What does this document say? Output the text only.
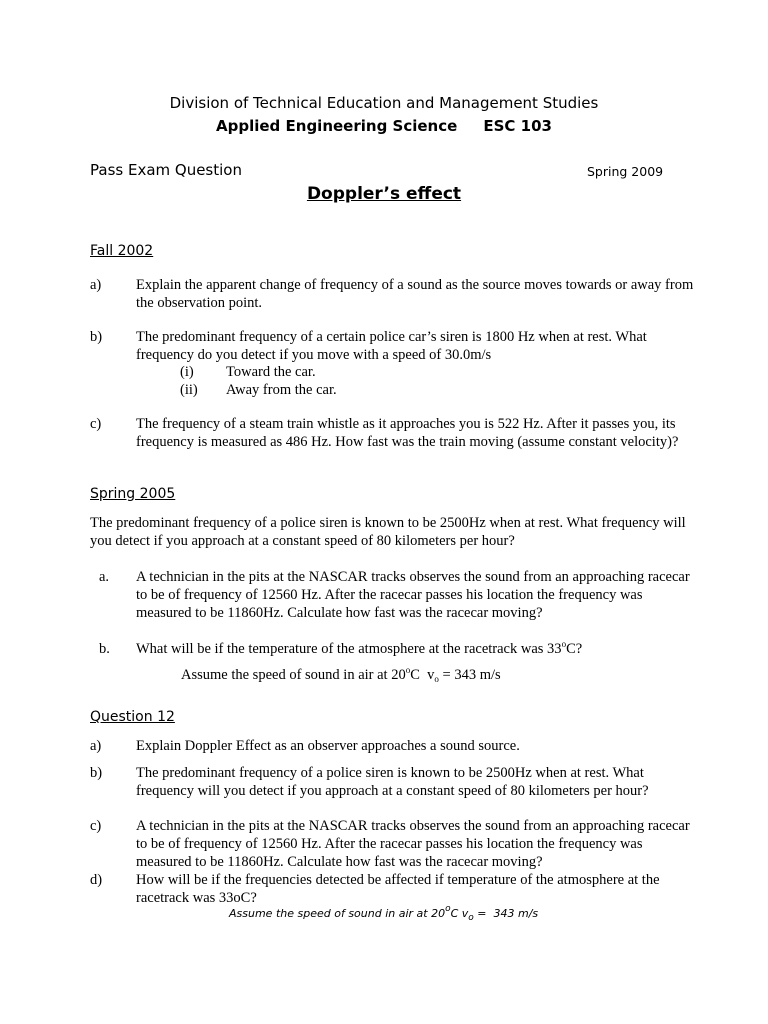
Division of Technical Education and Management Studies
Applied Engineering Science     ESC 103
Pass Exam Question	Spring 2009
Doppler’s effect
Fall 2002
a) Explain the apparent change of frequency of a sound as the source moves towards or away from the observation point.
b) The predominant frequency of a certain police car’s siren is 1800 Hz when at rest. What frequency do you detect if you move with a speed of 30.0m/s
(i) Toward the car.
(ii) Away from the car.
c) The frequency of a steam train whistle as it approaches you is 522 Hz. After it passes you, its frequency is measured as 486 Hz. How fast was the train moving (assume constant velocity)?
Spring 2005
The predominant frequency of a police siren is known to be 2500Hz when at rest. What frequency will you detect if you approach at a constant speed of 80 kilometers per hour?
a. A technician in the pits at the NASCAR tracks observes the sound from an approaching racecar to be of frequency of 12560 Hz. After the racecar passes his location the frequency was measured to be 11860Hz. Calculate how fast was the racecar moving?
b. What will be if the temperature of the atmosphere at the racetrack was 33$^o$C?
Assume the speed of sound in air at 20$^o$C  $v_o = 343$ m/s
Question 12
a) Explain Doppler Effect as an observer approaches a sound source.
b) The predominant frequency of a police siren is known to be 2500Hz when at rest. What frequency will you detect if you approach at a constant speed of 80 kilometers per hour?
c) A technician in the pits at the NASCAR tracks observes the sound from an approaching racecar to be of frequency of 12560 Hz. After the racecar passes his location the frequency was measured to be 11860Hz. Calculate how fast was the racecar moving?
d) How will be if the frequencies detected be affected if temperature of the atmosphere at the racetrack was 33oC?
Assume the speed of sound in air at 20$^o$C $v_o = 343$ m/s
